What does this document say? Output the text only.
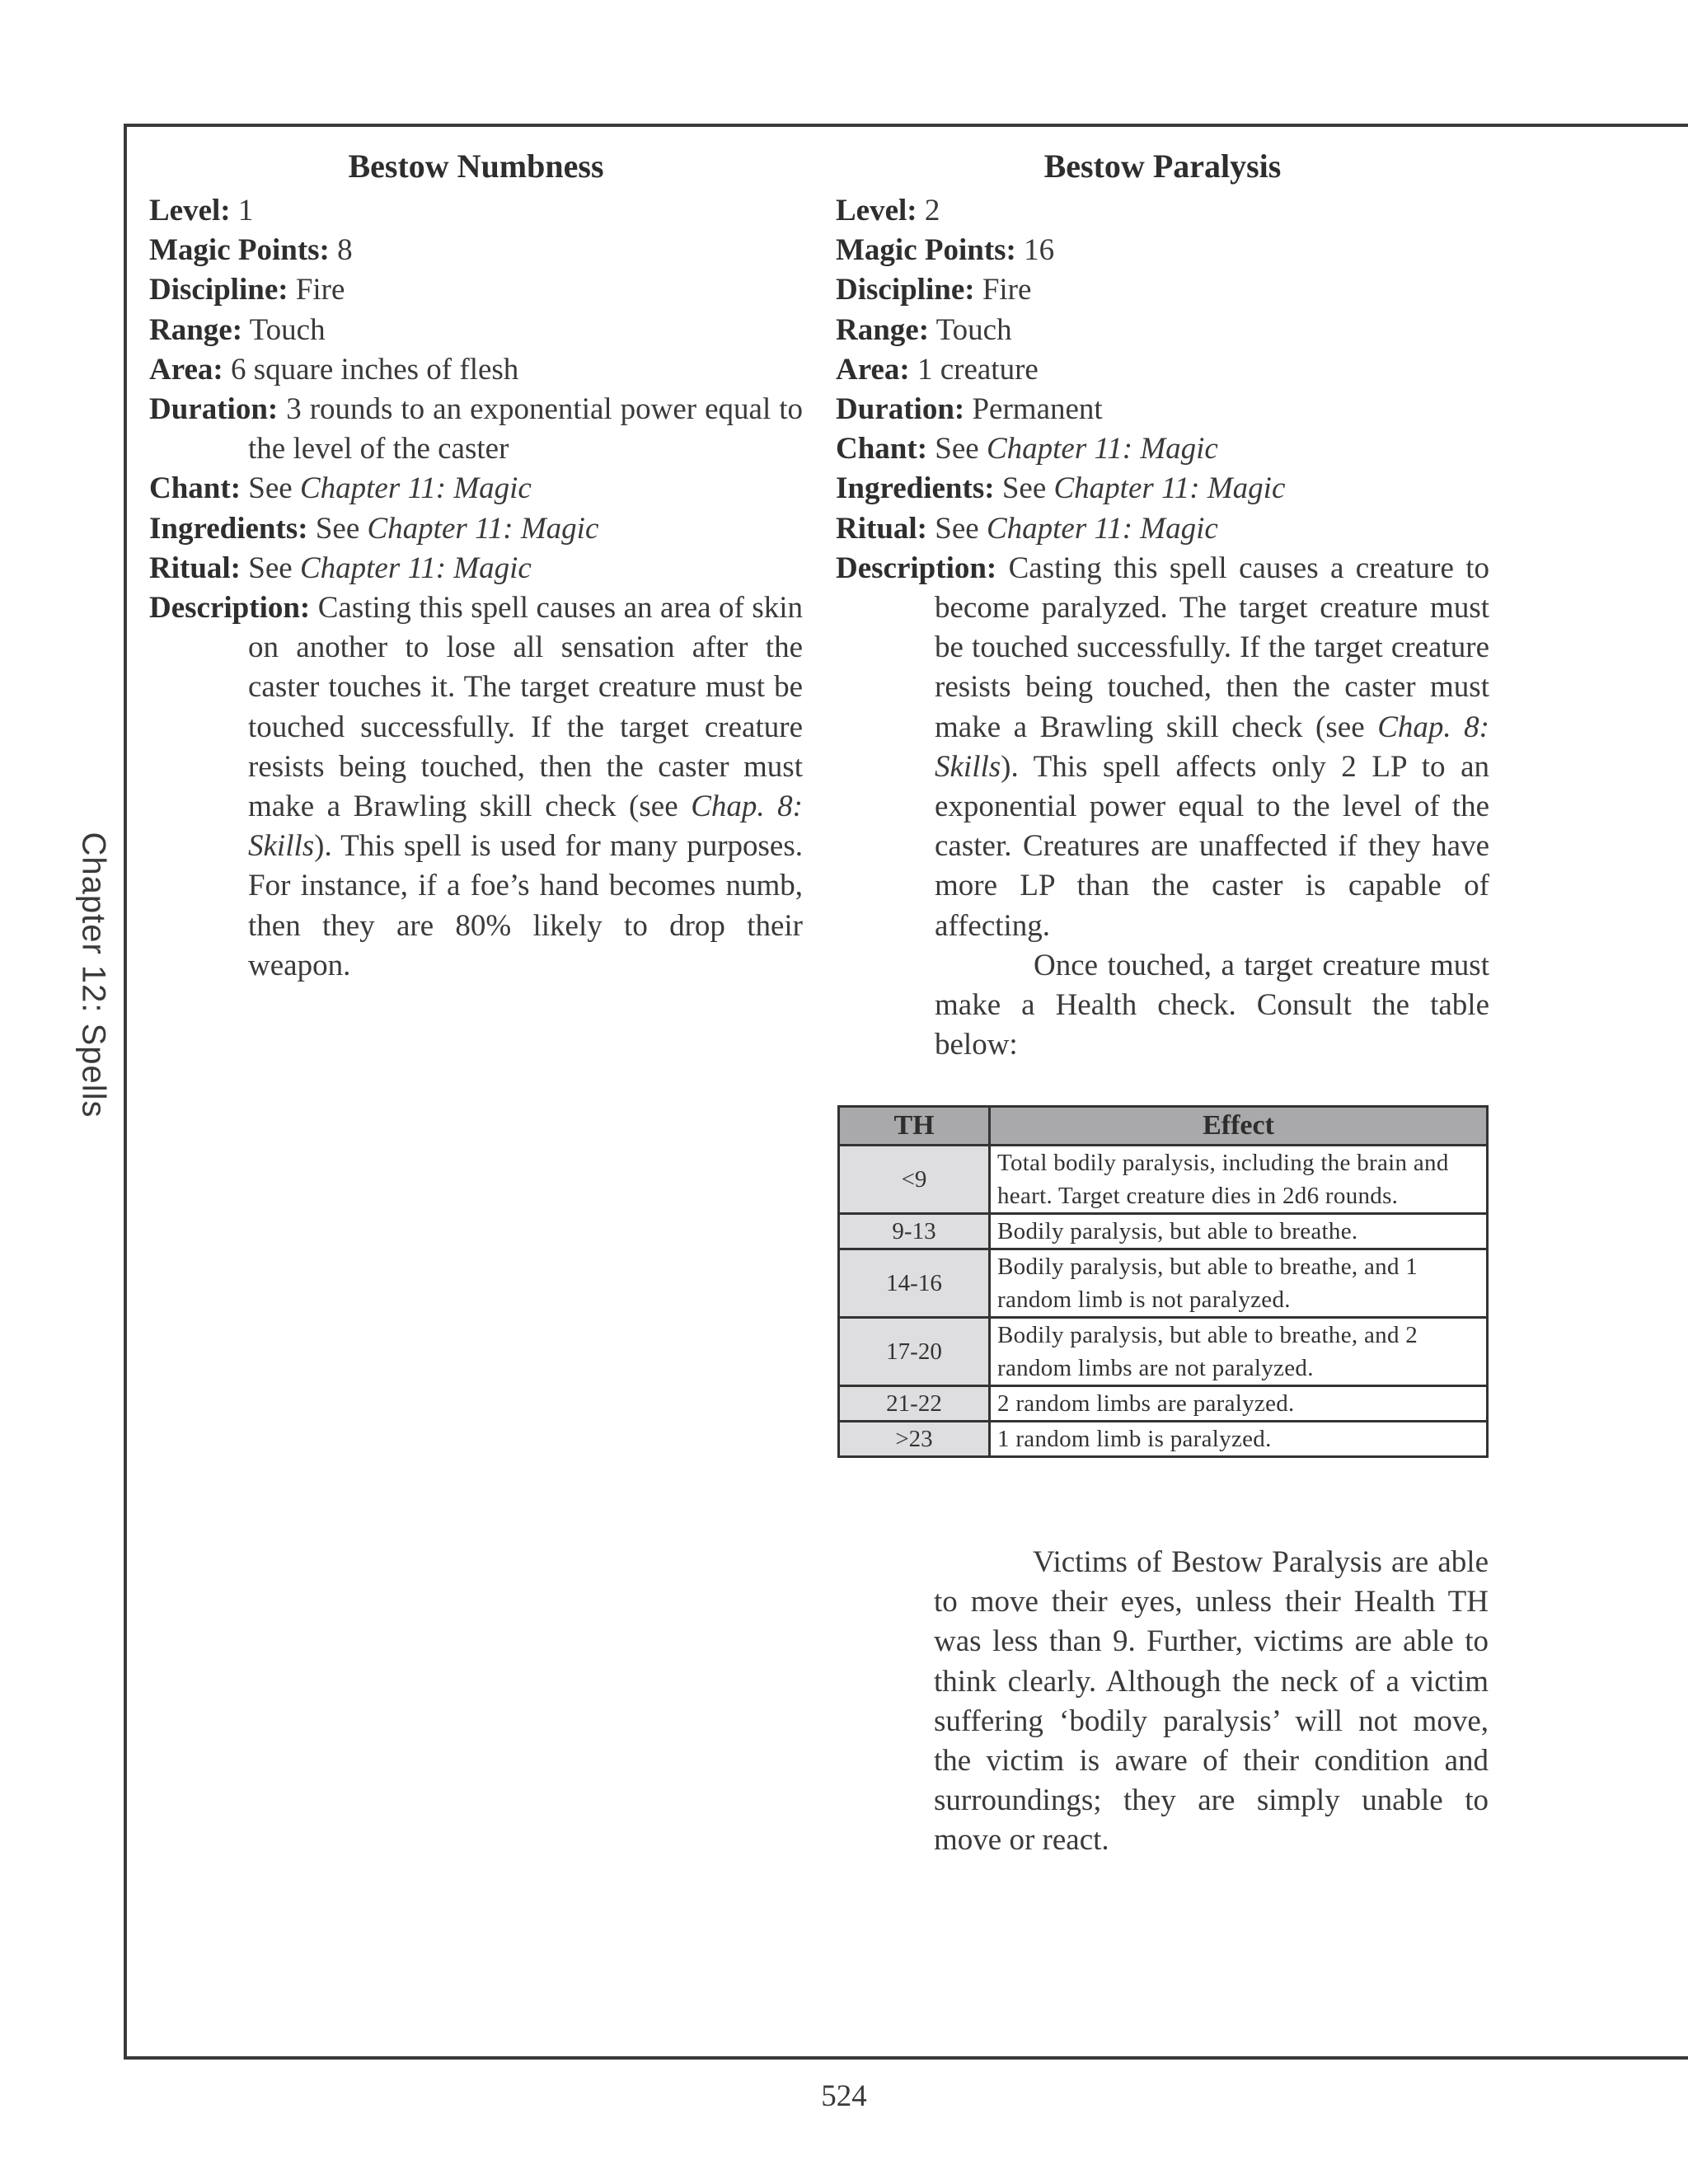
Chapter 12: Spells
Bestow Numbness

Level: 1

Magic Points: 8

Discipline: Fire

Range: Touch

Area: 6 square inches of flesh

Duration: 3 rounds to an exponential power equal to the level of the caster

Chant: See Chapter 11: Magic

Ingredients: See Chapter 11: Magic

Ritual: See Chapter 11: Magic

Description: Casting this spell causes an area of skin on another to lose all sensation after the caster touches it. The target creature must be touched successfully. If the target creature resists being touched, then the caster must make a Brawling skill check (see Chap. 8: Skills). This spell is used for many purposes. For instance, if a foe’s hand becomes numb, then they are 80% likely to drop their weapon.

Bestow Paralysis

Level: 2

Magic Points: 16

Discipline: Fire

Range: Touch

Area: 1 creature

Duration: Permanent

Chant: See Chapter 11: Magic

Ingredients: See Chapter 11: Magic

Ritual: See Chapter 11: Magic

Description: Casting this spell causes a creature to become paralyzed. The target creature must be touched successfully. If the target creature resists being touched, then the caster must make a Brawling skill check (see Chap. 8: Skills). This spell affects only 2 LP to an exponential power equal to the level of the caster. Creatures are unaffected if they have more LP than the caster is capable of affecting.

Once touched, a target creature must make a Health check. Consult the table below:

TH	Effect
<9	Total bodily paralysis, including the brain and heart. Target creature dies in 2d6 rounds.
9-13	Bodily paralysis, but able to breathe.
14-16	Bodily paralysis, but able to breathe, and 1 random limb is not paralyzed.
17-20	Bodily paralysis, but able to breathe, and 2 random limbs are not paralyzed.
21-22	2 random limbs are paralyzed.
>23	1 random limb is paralyzed.

Victims of Bestow Paralysis are able to move their eyes, unless their Health TH was less than 9. Further, victims are able to think clearly. Although the neck of a victim suffering ‘bodily paralysis’ will not move, the victim is aware of their condition and surroundings; they are simply unable to move or react.

524
